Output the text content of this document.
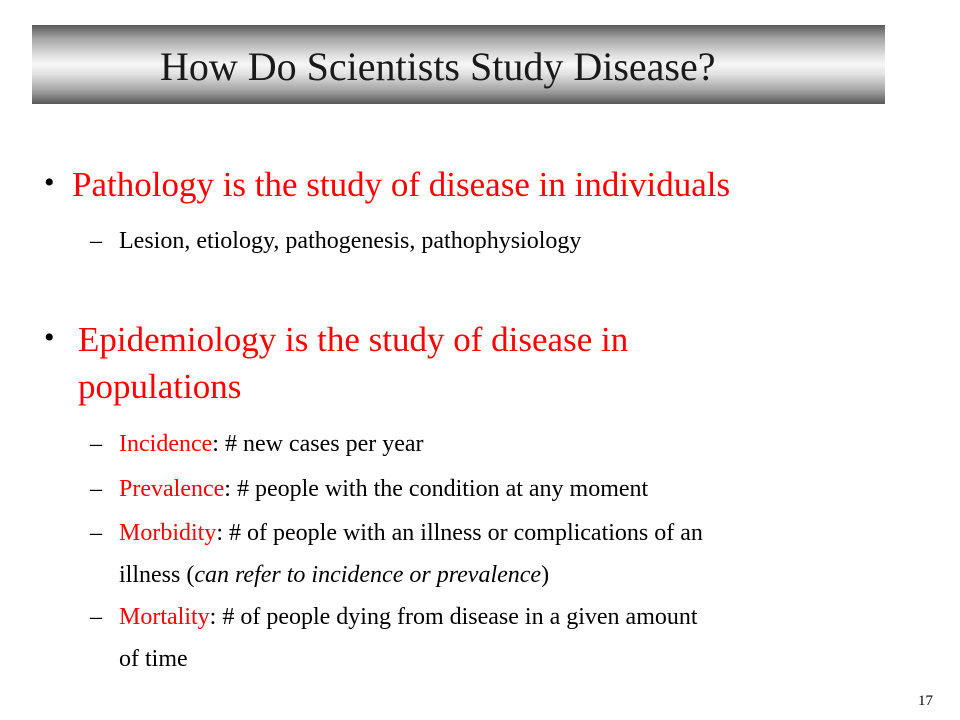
How Do Scientists Study Disease?
• Pathology is the study of disease in individuals
– Lesion, etiology, pathogenesis, pathophysiology
• Epidemiology is the study of disease in
populations
– Incidence: # new cases per year
– Prevalence: # people with the condition at any moment
– Morbidity: # of people with an illness or complications of an
illness (can refer to incidence or prevalence)
– Mortality: # of people dying from disease in a given amount
of time
17
